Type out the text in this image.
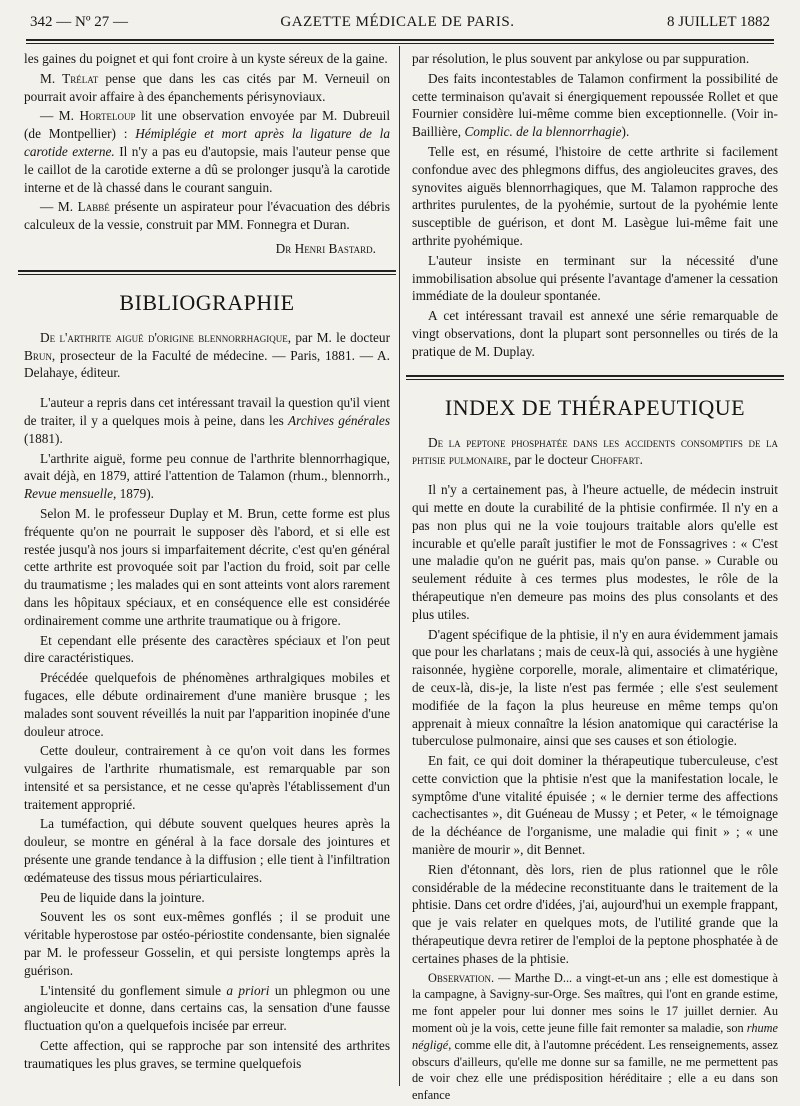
342 — Nº 27 —	GAZETTE MÉDICALE DE PARIS.	8 JUILLET 1882

les gaines du poignet et qui font croire à un kyste séreux de la gaine.

M. Trélat pense que dans les cas cités par M. Verneuil on pourrait avoir affaire à des épanchements périsynoviaux.

— M. Horteloup lit une observation envoyée par M. Dubreuil (de Montpellier) : Hémiplégie et mort après la ligature de la carotide externe. Il n'y a pas eu d'autopsie, mais l'auteur pense que le caillot de la carotide externe a dû se prolonger jusqu'à la carotide interne et de là chassé dans le courant sanguin.

— M. Labbé présente un aspirateur pour l'évacuation des débris calculeux de la vessie, construit par MM. Fonnegra et Duran.

Dr Henri Bastard.

BIBLIOGRAPHIE

De l'arthrite aiguë d'origine blennorrhagique, par M. le docteur Brun, prosecteur de la Faculté de médecine. — Paris, 1881. — A. Delahaye, éditeur.

L'auteur a repris dans cet intéressant travail la question qu'il vient de traiter, il y a quelques mois à peine, dans les Archives générales (1881).

L'arthrite aiguë, forme peu connue de l'arthrite blennorrhagique, avait déjà, en 1879, attiré l'attention de Talamon (rhum., blennorrh., Revue mensuelle, 1879).

Selon M. le professeur Duplay et M. Brun, cette forme est plus fréquente qu'on ne pourrait le supposer dès l'abord, et si elle est restée jusqu'à nos jours si imparfaitement décrite, c'est qu'en général cette arthrite est provoquée soit par l'action du froid, soit par celle du traumatisme ; les malades qui en sont atteints vont alors rarement dans les hôpitaux spéciaux, et en conséquence elle est considérée ordinairement comme une arthrite traumatique ou à frigore.

Et cependant elle présente des caractères spéciaux et l'on peut dire caractéristiques.

Précédée quelquefois de phénomènes arthralgiques mobiles et fugaces, elle débute ordinairement d'une manière brusque ; les malades sont souvent réveillés la nuit par l'apparition inopinée d'une douleur atroce.

Cette douleur, contrairement à ce qu'on voit dans les formes vulgaires de l'arthrite rhumatismale, est remarquable par son intensité et sa persistance, et ne cesse qu'après l'établissement d'un traitement approprié.

La tuméfaction, qui débute souvent quelques heures après la douleur, se montre en général à la face dorsale des jointures et présente une grande tendance à la diffusion ; elle tient à l'infiltration œdémateuse des tissus mous périarticulaires.

Peu de liquide dans la jointure.

Souvent les os sont eux-mêmes gonflés ; il se produit une véritable hyperostose par ostéo-périostite condensante, bien signalée par M. le professeur Gosselin, et qui persiste longtemps après la guérison.

L'intensité du gonflement simule a priori un phlegmon ou une angioleucite et donne, dans certains cas, la sensation d'une fausse fluctuation qu'on a quelquefois incisée par erreur.

Cette affection, qui se rapproche par son intensité des arthrites traumatiques les plus graves, se termine quelquefois

par résolution, le plus souvent par ankylose ou par suppuration.

Des faits incontestables de Talamon confirment la possibilité de cette terminaison qu'avait si énergiquement repoussée Rollet et que Fournier considère lui-même comme bien exceptionnelle. (Voir in-Baillière, Complic. de la blennorrhagie).

Telle est, en résumé, l'histoire de cette arthrite si facilement confondue avec des phlegmons diffus, des angioleucites graves, des synovites aiguës blennorrhagiques, que M. Talamon rapproche des arthrites purulentes, de la pyohémie, surtout de la pyohémie lente susceptible de guérison, et dont M. Lasègue lui-même fait une arthrite pyohémique.

L'auteur insiste en terminant sur la nécessité d'une immobilisation absolue qui présente l'avantage d'amener la cessation immédiate de la douleur spontanée.

A cet intéressant travail est annexé une série remarquable de vingt observations, dont la plupart sont personnelles ou tirés de la pratique de M. Duplay.

INDEX DE THÉRAPEUTIQUE

De la peptone phosphatée dans les accidents consomptifs de la phtisie pulmonaire, par le docteur Choffart.

Il n'y a certainement pas, à l'heure actuelle, de médecin instruit qui mette en doute la curabilité de la phtisie confirmée. Il n'y en a pas non plus qui ne la voie toujours traitable alors qu'elle est incurable et qu'elle paraît justifier le mot de Fonssagrives : « C'est une maladie qu'on ne guérit pas, mais qu'on panse. » Curable ou seulement réduite à ces termes plus modestes, le rôle de la thérapeutique n'en demeure pas moins des plus consolants et des plus utiles.

D'agent spécifique de la phtisie, il n'y en aura évidemment jamais que pour les charlatans ; mais de ceux-là qui, associés à une hygiène raisonnée, hygiène corporelle, morale, alimentaire et climatérique, de ceux-là, dis-je, la liste n'est pas fermée ; elle s'est seulement modifiée de la façon la plus heureuse en même temps qu'on apprenait à mieux connaître la lésion anatomique qui caractérise la tuberculose pulmonaire, ainsi que ses causes et son étiologie.

En fait, ce qui doit dominer la thérapeutique tuberculeuse, c'est cette conviction que la phtisie n'est que la manifestation locale, le symptôme d'une vitalité épuisée ; « le dernier terme des affections cachectisantes », dit Guéneau de Mussy ; et Peter, « le témoignage de la déchéance de l'organisme, une maladie qui finit » ; « une manière de mourir », dit Bennet.

Rien d'étonnant, dès lors, rien de plus rationnel que le rôle considérable de la médecine reconstituante dans le traitement de la phtisie. Dans cet ordre d'idées, j'ai, aujourd'hui un exemple frappant, que je vais relater en quelques mots, de l'utilité grande que la thérapeutique devra retirer de l'emploi de la peptone phosphatée à de certaines phases de la phtisie.

Observation. — Marthe D... a vingt-et-un ans ; elle est domestique à la campagne, à Savigny-sur-Orge. Ses maîtres, qui l'ont en grande estime, me font appeler pour lui donner mes soins le 17 juillet dernier. Au moment où je la vois, cette jeune fille fait remonter sa maladie, son rhume négligé, comme elle dit, à l'automne précédent. Les renseignements, assez obscurs d'ailleurs, qu'elle me donne sur sa famille, ne me permettent pas de voir chez elle une prédisposition héréditaire ; elle a eu dans son enfance
